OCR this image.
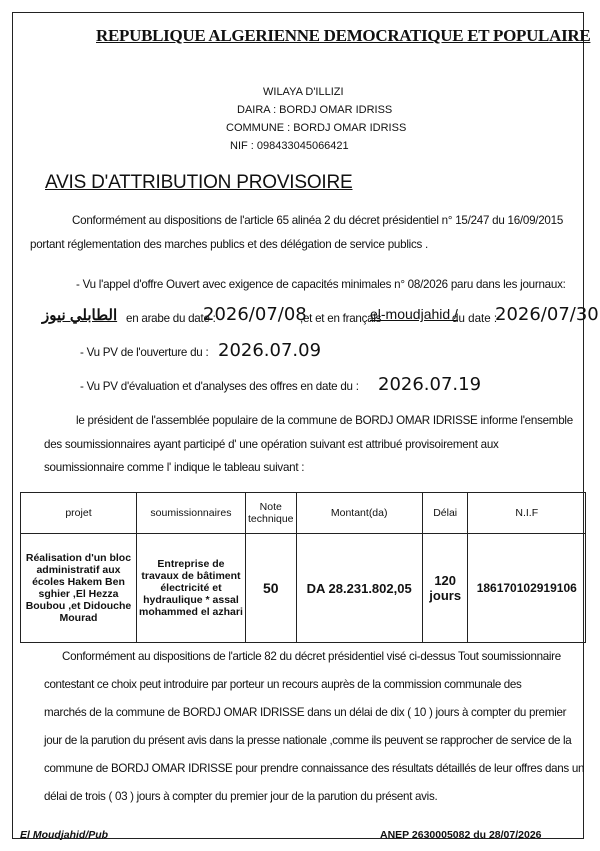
REPUBLIQUE ALGERIENNE DEMOCRATIQUE ET POPULAIRE
WILAYA D'ILLIZI
DAIRA : BORDJ OMAR IDRISS
COMMUNE : BORDJ OMAR IDRISS
NIF : 098433045066421
AVIS D'ATTRIBUTION PROVISOIRE
Conformément au dispositions de l'article 65 alinéa 2 du décret présidentiel n° 15/247 du 16/09/2015
portant réglementation des marches publics et des délégation de service publics .
- Vu l'appel d'offre Ouvert avec exigence de capacités minimales n° 08/2026 paru dans les journaux:
الطابلي نيوز en arabe du date :
2026/07/08
,et et en français
el-moudjahid /
du date :
2026/07/30
- Vu PV de l'ouverture du : 2026.07.09
- Vu PV d'évaluation et d'analyses des offres en date du : 2026.07.19
le président de l'assemblée populaire de la commune de BORDJ OMAR IDRISSE informe l'ensemble
des soumissionnaires ayant participé d' une opération suivant est attribué provisoirement aux
soumissionnaire comme l' indique le tableau suivant :
projet	soumissionnaires	Note technique	Montant(da)	Délai	N.I.F
Réalisation d'un bloc administratif aux écoles Hakem Ben sghier ,El Hezza Boubou ,et Didouche Mourad	Entreprise de travaux de bâtiment électricité et hydraulique * assal mohammed el azhari	50	DA 28.231.802,05	120 jours	186170102919106
Conformément au dispositions de l'article 82 du décret présidentiel visé ci-dessus Tout soumissionnaire
contestant ce choix peut introduire par porteur un recours auprès de la commission communale des
marchés de la commune de BORDJ OMAR IDRISSE dans un délai de dix ( 10 ) jours à compter du premier
jour de la parution du présent avis dans la presse nationale ,comme ils peuvent se rapprocher de service de la
commune de BORDJ OMAR IDRISSE pour prendre connaissance des résultats détaillés de leur offres dans un
délai de trois ( 03 ) jours à compter du premier jour de la parution du présent avis.
El Moudjahid/Pub	ANEP 2630005082 du 28/07/2026
